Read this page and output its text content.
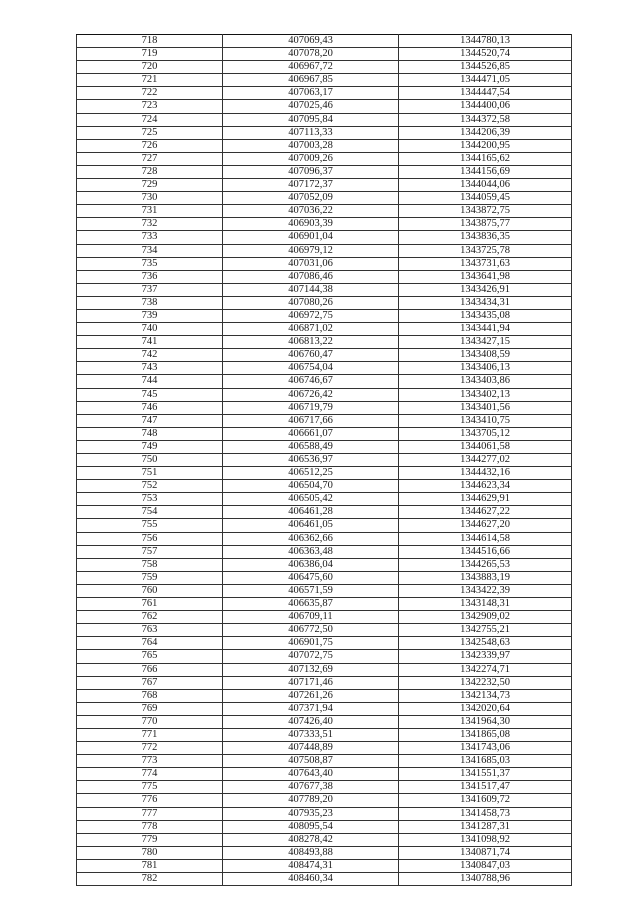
718	407069,43	1344780,13
719	407078,20	1344520,74
720	406967,72	1344526,85
721	406967,85	1344471,05
722	407063,17	1344447,54
723	407025,46	1344400,06
724	407095,84	1344372,58
725	407113,33	1344206,39
726	407003,28	1344200,95
727	407009,26	1344165,62
728	407096,37	1344156,69
729	407172,37	1344044,06
730	407052,09	1344059,45
731	407036,22	1343872,75
732	406903,39	1343875,77
733	406901,04	1343836,35
734	406979,12	1343725,78
735	407031,06	1343731,63
736	407086,46	1343641,98
737	407144,38	1343426,91
738	407080,26	1343434,31
739	406972,75	1343435,08
740	406871,02	1343441,94
741	406813,22	1343427,15
742	406760,47	1343408,59
743	406754,04	1343406,13
744	406746,67	1343403,86
745	406726,42	1343402,13
746	406719,79	1343401,56
747	406717,66	1343410,75
748	406661,07	1343705,12
749	406588,49	1344061,58
750	406536,97	1344277,02
751	406512,25	1344432,16
752	406504,70	1344623,34
753	406505,42	1344629,91
754	406461,28	1344627,22
755	406461,05	1344627,20
756	406362,66	1344614,58
757	406363,48	1344516,66
758	406386,04	1344265,53
759	406475,60	1343883,19
760	406571,59	1343422,39
761	406635,87	1343148,31
762	406709,11	1342909,02
763	406772,50	1342755,21
764	406901,75	1342548,63
765	407072,75	1342339,97
766	407132,69	1342274,71
767	407171,46	1342232,50
768	407261,26	1342134,73
769	407371,94	1342020,64
770	407426,40	1341964,30
771	407333,51	1341865,08
772	407448,89	1341743,06
773	407508,87	1341685,03
774	407643,40	1341551,37
775	407677,38	1341517,47
776	407789,20	1341609,72
777	407935,23	1341458,73
778	408095,54	1341287,31
779	408278,42	1341098,92
780	408493,88	1340871,74
781	408474,31	1340847,03
782	408460,34	1340788,96
